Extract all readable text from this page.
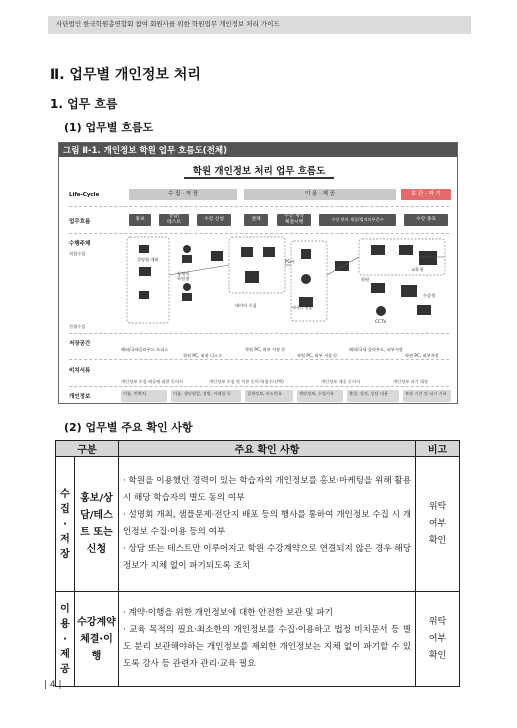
사단법인 한국학원총연합회 참여 회원사를 위한 학원업무 개인정보 처리 가이드
Ⅱ. 업무별 개인정보 처리
1. 업무 흐름
(1) 업무별 흐름도
그림 Ⅱ-1. 개인정보 학원 업무 흐름도(전체)
학원 개인정보 처리 업무 흐름도
Life-Cycle
업무흐름
수행주체
저장공간
비치서류
개인정보
직접수집
간접수집
수 집 · 저 장	이 용 · 제 공	보 관 · 파 기
홍보
상담/
테스트
수강 신청	결제
수강 계약
체결시행
수강 편의 제공/법적의무준수	수강 종료
상담원 제외
잠재적
학원생
데이터 수집
PG사
서비스 전송
학원
CCTV
교육청
수강생
해외/국내클라우드 오피스
학원 PC, 외장 디스크
학원 PC, 외부 저장 등
학원 PC, 외부 저장 등
해외/국내 클라우드, 외부저장
학원 PC, 외부저장
개인정보 수집·제공에 대한 동의서	개인정보 수집 및 이용 동의서(필수/선택)	개인정보 제공 동의서	개인정보 파기 대장
이름, 연락처	이름, 생년월일, 성별, 이메일 등	결제정보, 카드번호	계약정보, 수업기록	출결, 성적, 상담 내용	보관 기간 및 파기 기록
(2) 업무별 주요 확인 사항
구분		주요 확인 사항	비고
수집·저장	홍보/상담/테스트 또는 신청	· 학원을 이용했던 경력이 있는 학습자의 개인정보를 홍보·마케팅을 위해 활용 시 해당 학습자의 별도 동의 여부

· 설명회 개최, 샘플문제·전단지 배포 등의 행사를 통하여 개인정보 수집 시 개인정보 수집·이용 등의 여부

· 상담 또는 테스트만 이루어지고 학원 수강계약으로 연결되지 않은 경우 해당 정보가 지체 없이 파기되도록 조치	위탁 여부 확인
이용·제공	수강계약 체결·이행	· 계약·이행을 위한 개인정보에 대한 안전한 보관 및 파기

· 교육 목적의 필요·최소한의 개인정보를 수집·이용하고 법정 비치문서 등 별도 분리 보관해야하는 개인정보를 제외한 개인정보는 지체 없이 파기할 수 있도록 강사 등 관련자 관리·교육 필요	위탁 여부 확인
| 4 |
